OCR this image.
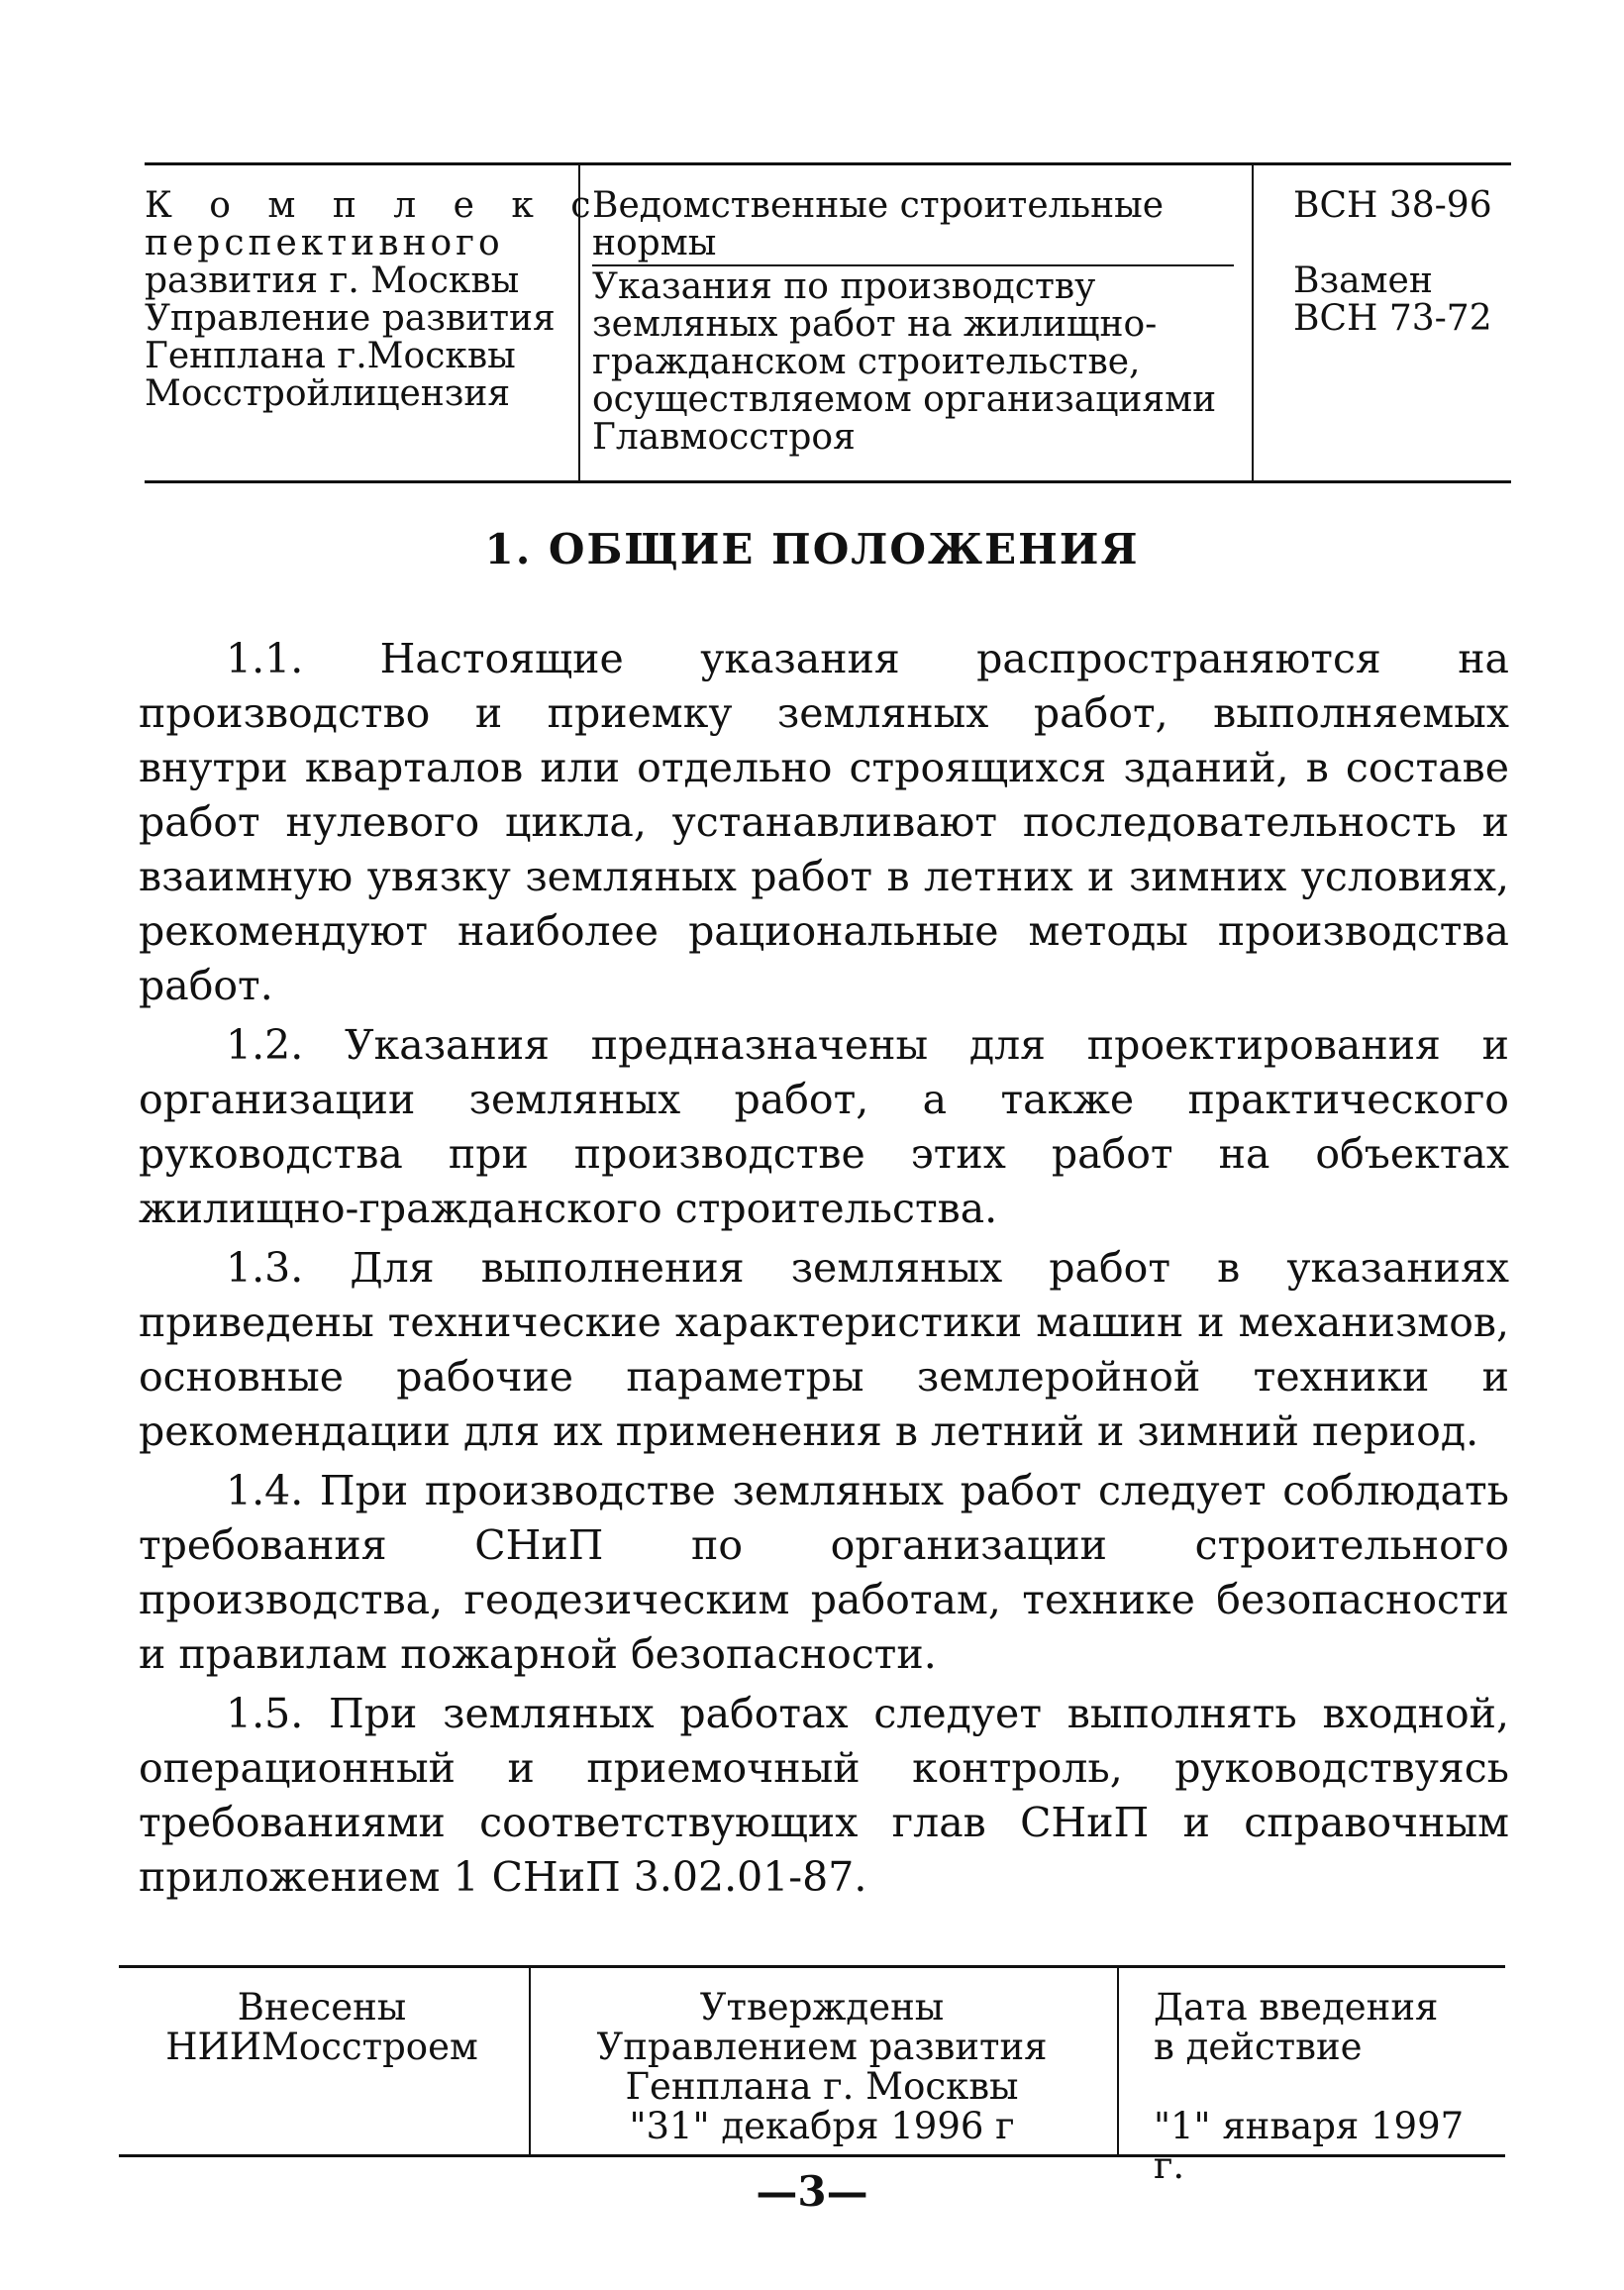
К о м п л е к с
перспективного
развития г. Москвы
Управление развития
Генплана г.Москвы
Мосстройлицензия
Ведомственные строительные нормы
Указания по производству земляных работ на жилищно-гражданском строительстве, осуществляемом организациями Главмосстроя
ВСН 38-96
Взамен
ВСН 73-72
1. ОБЩИЕ ПОЛОЖЕНИЯ

1.1. Настоящие указания распространяются на производство и приемку земляных работ, выполняемых внутри кварталов или отдельно строящихся зданий, в составе работ нулевого цикла, устанавливают последовательность и взаимную увязку земляных работ в летних и зимних условиях, рекомендуют наиболее рациональные методы производства работ.

1.2. Указания предназначены для проектирования и организации земляных работ, а также практического руководства при производстве этих работ на объектах жилищно-гражданского строительства.

1.3. Для выполнения земляных работ в указаниях приведены технические характеристики машин и механизмов, основные рабочие параметры землеройной техники и рекомендации для их применения в летний и зимний период.

1.4. При производстве земляных работ следует соблюдать требования СНиП по организации строительного производства, геодезическим работам, технике безопасности и правилам пожарной безопасности.

1.5. При земляных работах следует выполнять входной, операционный и приемочный контроль, руководствуясь требованиями соответствующих глав СНиП и справочным приложением 1 СНиП 3.02.01-87.

Внесены
НИИМосстроем
Утверждены
Управлением развития
Генплана г. Москвы
"31" декабря 1996 г
Дата введения
в действие
"1" января 1997 г.
—3—
